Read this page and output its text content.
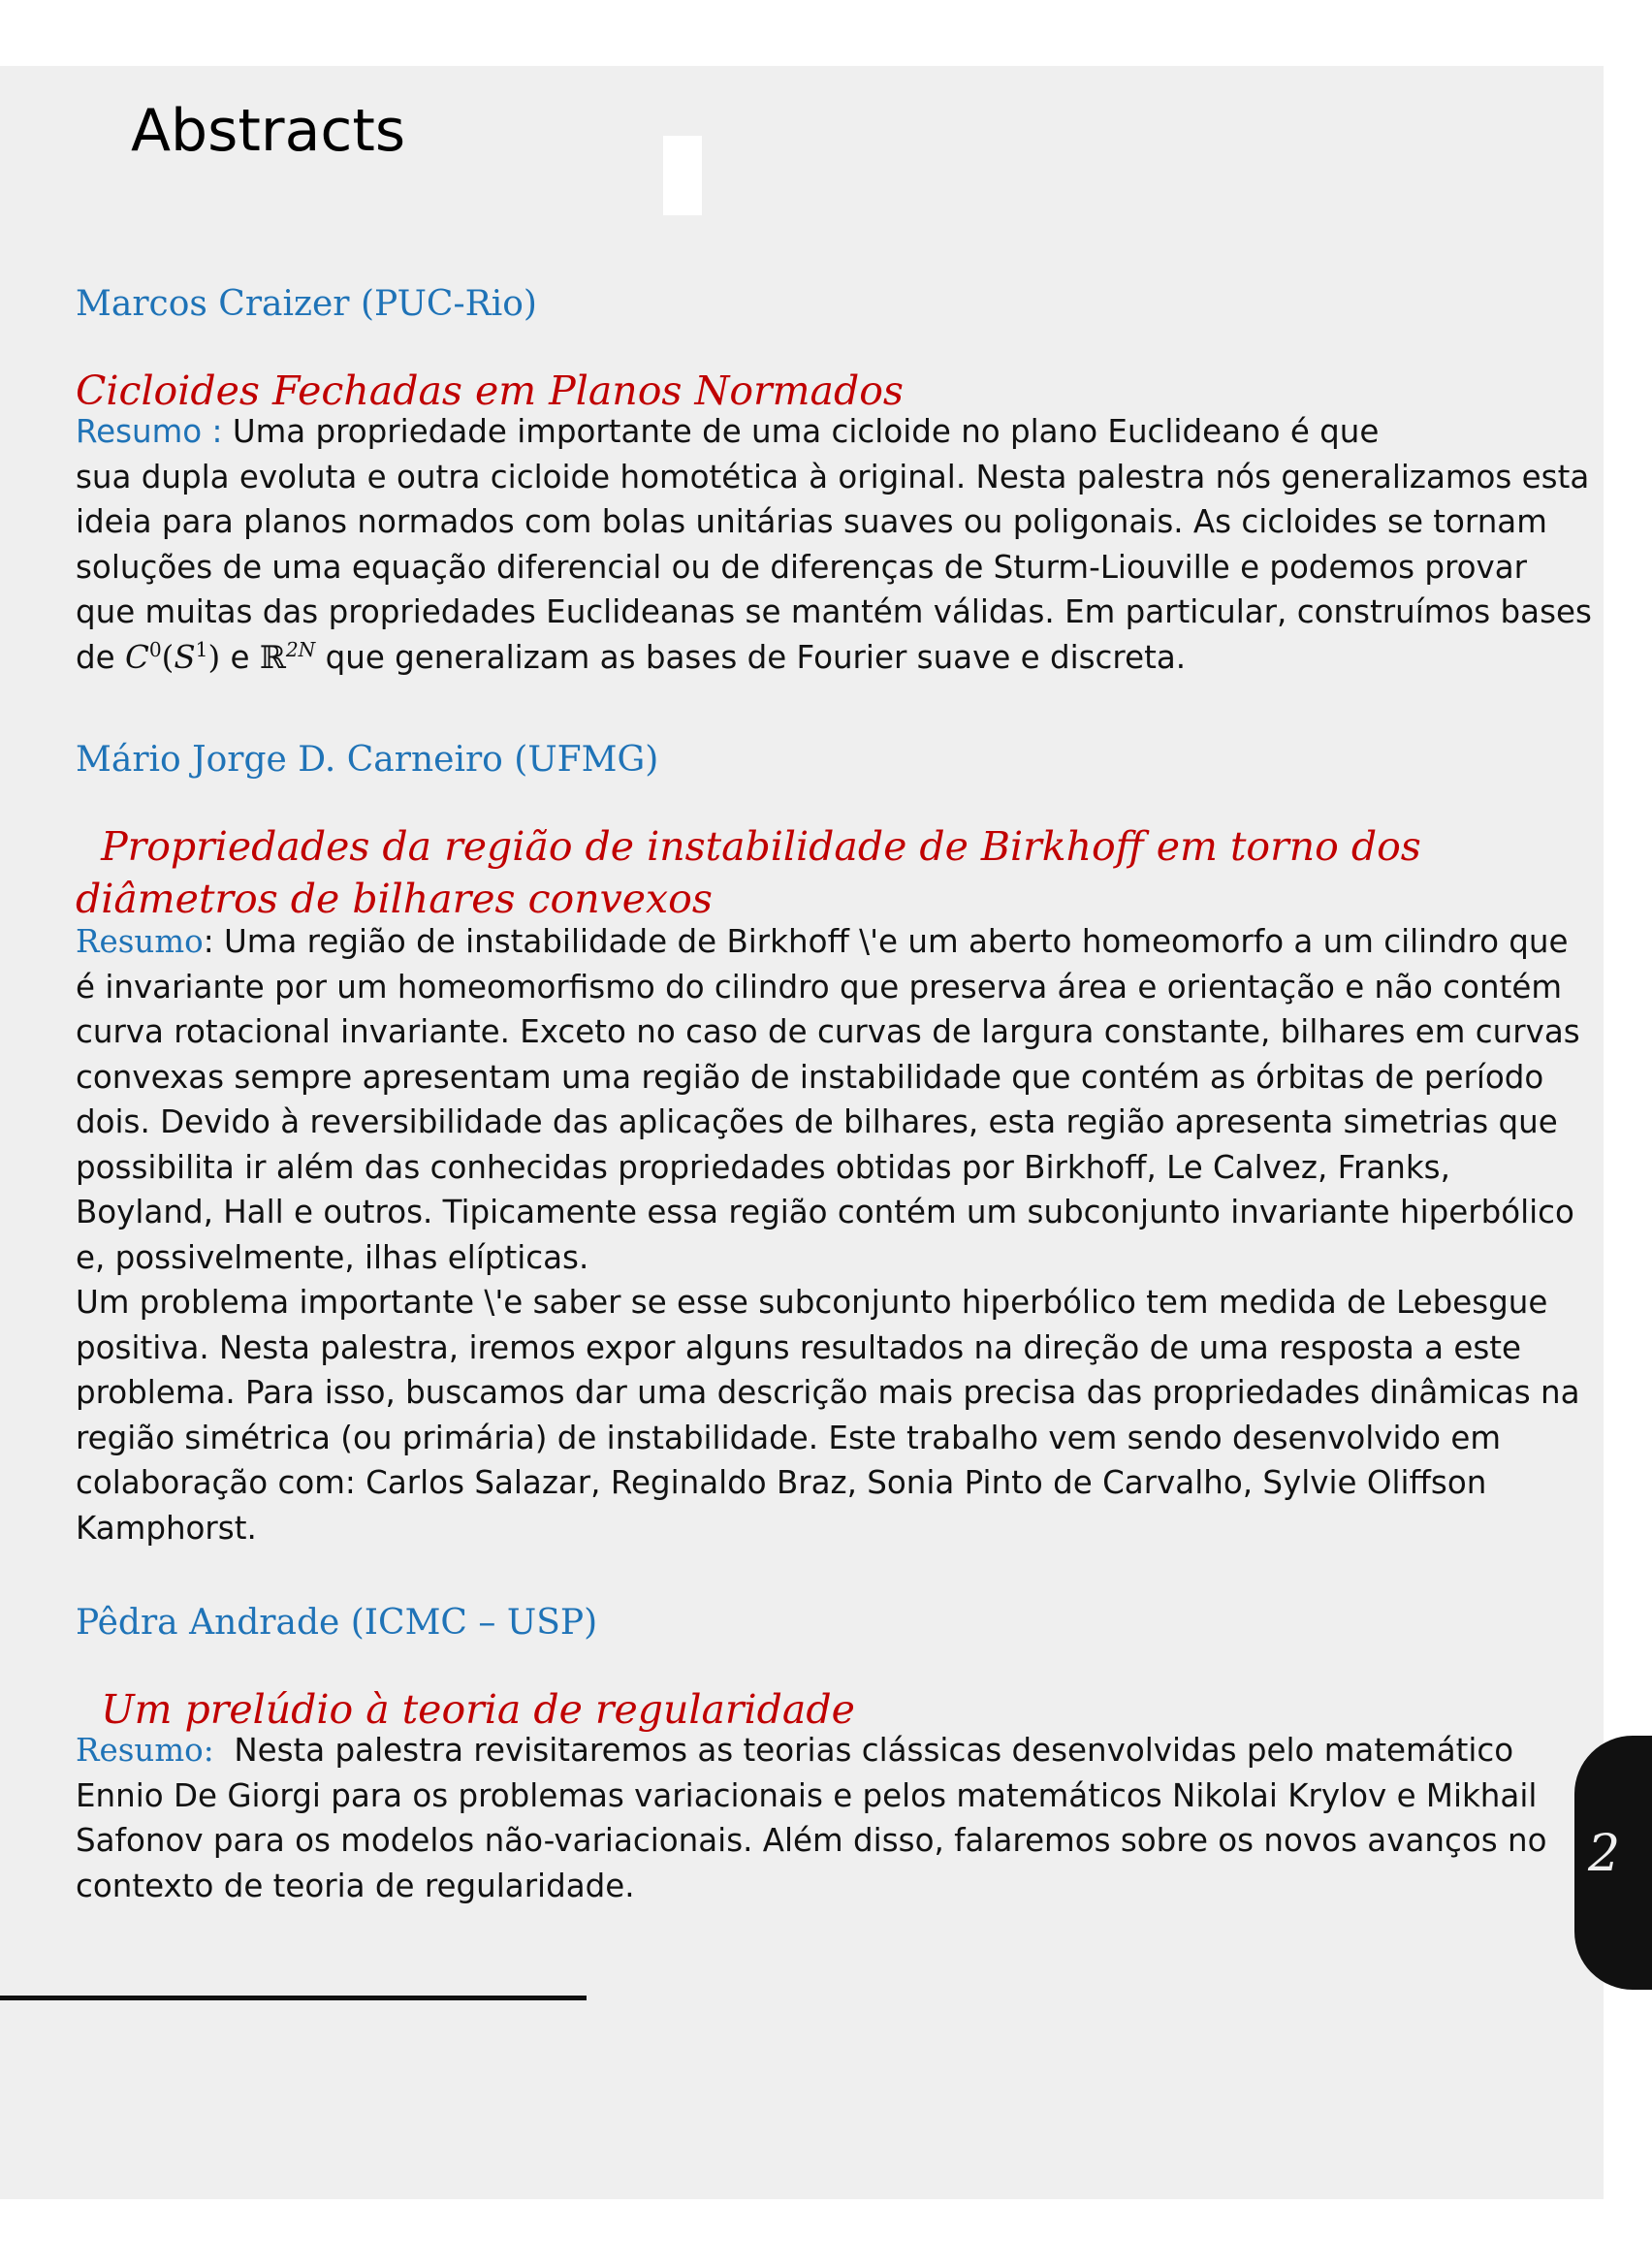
Abstracts

Marcos Craizer (PUC-Rio)

Cicloides Fechadas em Planos Normados
Resumo : Uma propriedade importante de uma cicloide no plano Euclideano é que
sua dupla evoluta e outra cicloide homotética à original. Nesta palestra nós generalizamos esta
ideia para planos normados com bolas unitárias suaves ou poligonais. As cicloides se tornam
soluções de uma equação diferencial ou de diferenças de Sturm-Liouville e podemos provar
que muitas das propriedades Euclideanas se mantém válidas. Em particular, construímos bases
de $C^0(S^1)$ e ℝ$^{2N}$ que generalizam as bases de Fourier suave e discreta.

Mário Jorge D. Carneiro (UFMG)

Propriedades da região de instabilidade de Birkhoff em torno dos
diâmetros de bilhares convexos
Resumo: Uma região de instabilidade de Birkhoff \'e um aberto homeomorfo a um cilindro que
é invariante por um homeomorfismo do cilindro que preserva área e orientação e não contém
curva rotacional invariante. Exceto no caso de curvas de largura constante, bilhares em curvas
convexas sempre apresentam uma região de instabilidade que contém as órbitas de período
dois. Devido à reversibilidade das aplicações de bilhares, esta região apresenta simetrias que
possibilita ir além das conhecidas propriedades obtidas por Birkhoff, Le Calvez, Franks,
Boyland, Hall e outros. Tipicamente essa região contém um subconjunto invariante hiperbólico
e, possivelmente, ilhas elípticas.
Um problema importante \'e saber se esse subconjunto hiperbólico tem medida de Lebesgue
positiva. Nesta palestra, iremos expor alguns resultados na direção de uma resposta a este
problema. Para isso, buscamos dar uma descrição mais precisa das propriedades dinâmicas na
região simétrica (ou primária) de instabilidade. Este trabalho vem sendo desenvolvido em
colaboração com: Carlos Salazar, Reginaldo Braz, Sonia Pinto de Carvalho, Sylvie Oliffson
Kamphorst.

Pêdra Andrade (ICMC – USP)

Um prelúdio à teoria de regularidade
Resumo:  Nesta palestra revisitaremos as teorias clássicas desenvolvidas pelo matemático
Ennio De Giorgi para os problemas variacionais e pelos matemáticos Nikolai Krylov e Mikhail
Safonov para os modelos não-variacionais. Além disso, falaremos sobre os novos avanços no
contexto de teoria de regularidade.
2
